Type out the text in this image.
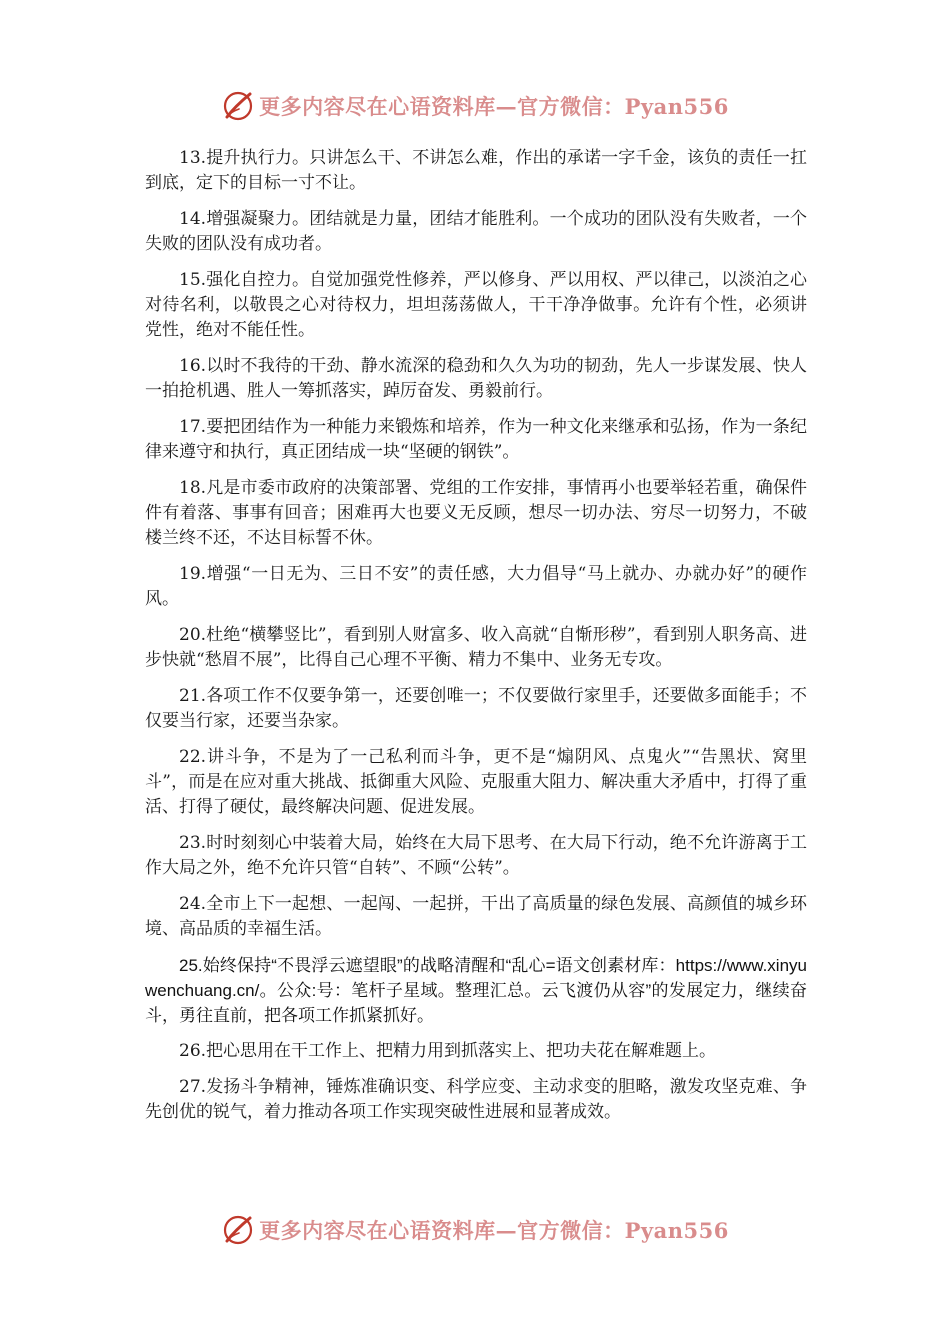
更多内容尽在心语资料库—官方微信：Pyan556

13.提升执行力。只讲怎么干、不讲怎么难，作出的承诺一字千金，该负的责任一扛到底，定下的目标一寸不让。

14.增强凝聚力。团结就是力量，团结才能胜利。一个成功的团队没有失败者，一个失败的团队没有成功者。

15.强化自控力。自觉加强党性修养，严以修身、严以用权、严以律己，以淡泊之心对待名利，以敬畏之心对待权力，坦坦荡荡做人，干干净净做事。允许有个性，必须讲党性，绝对不能任性。

16.以时不我待的干劲、静水流深的稳劲和久久为功的韧劲，先人一步谋发展、快人一拍抢机遇、胜人一筹抓落实，踔厉奋发、勇毅前行。

17.要把团结作为一种能力来锻炼和培养，作为一种文化来继承和弘扬，作为一条纪律来遵守和执行，真正团结成一块“坚硬的钢铁”。

18.凡是市委市政府的决策部署、党组的工作安排，事情再小也要举轻若重，确保件件有着落、事事有回音；困难再大也要义无反顾，想尽一切办法、穷尽一切努力，不破楼兰终不还，不达目标誓不休。

19.增强“一日无为、三日不安”的责任感，大力倡导“马上就办、办就办好”的硬作风。

20.杜绝“横攀竖比”，看到别人财富多、收入高就“自惭形秽”，看到别人职务高、进步快就“愁眉不展”，比得自己心理不平衡、精力不集中、业务无专攻。

21.各项工作不仅要争第一，还要创唯一；不仅要做行家里手，还要做多面能手；不仅要当行家，还要当杂家。

22.讲斗争，不是为了一己私利而斗争，更不是“煽阴风、点鬼火”“告黑状、窝里斗”，而是在应对重大挑战、抵御重大风险、克服重大阻力、解决重大矛盾中，打得了重活、打得了硬仗，最终解决问题、促进发展。

23.时时刻刻心中装着大局，始终在大局下思考、在大局下行动，绝不允许游离于工作大局之外，绝不允许只管“自转”、不顾“公转”。

24.全市上下一起想、一起闯、一起拼，干出了高质量的绿色发展、高颜值的城乡环境、高品质的幸福生活。

25.始终保持“不畏浮云遮望眼”的战略清醒和“乱心=语文创素材库：https://www.xinyuwenchuang.cn/。公众:号：笔杆子星域。整理汇总。云飞渡仍从容”的发展定力，继续奋斗，勇往直前，把各项工作抓紧抓好。

26.把心思用在干工作上、把精力用到抓落实上、把功夫花在解难题上。

27.发扬斗争精神，锤炼准确识变、科学应变、主动求变的胆略，激发攻坚克难、争先创优的锐气，着力推动各项工作实现突破性进展和显著成效。

更多内容尽在心语资料库—官方微信：Pyan556
